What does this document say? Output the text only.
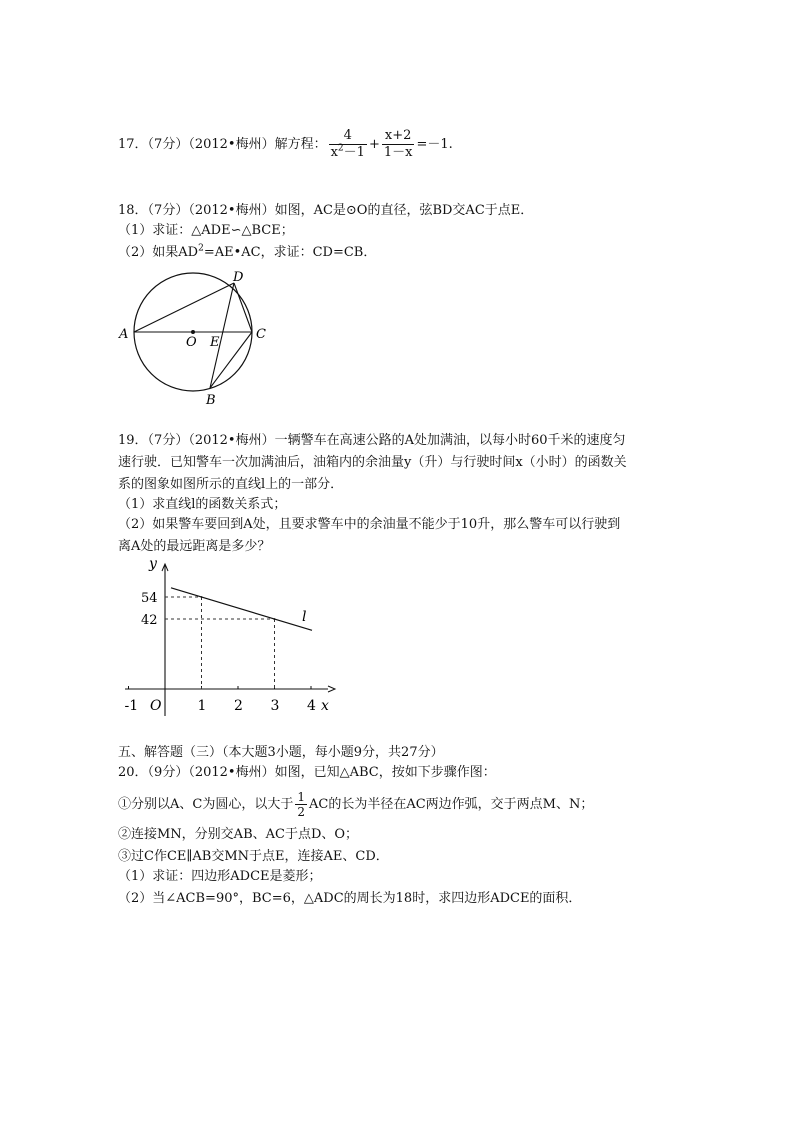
17．（7分）（2012•梅州）解方程： $\frac{4}{x^2-1} + \frac{x+2}{1-x} =-1$.
18．（7分）（2012•梅州）如图，AC是⊙O的直径，弦BD交AC于点E．
（1）求证：△ADE∽△BCE；
（2）如果$AD^2=AE•AC$，求证：CD=CB．
A
O E
C
D
B
19．（7分）（2012•梅州）一辆警车在高速公路的A处加满油，以每小时60千米的速度匀
速行驶．已知警车一次加满油后，油箱内的余油量y（升）与行驶时间x（小时）的函数关
系的图象如图所示的直线l上的一部分．
（1）求直线l的函数关系式；
（2）如果警车要回到A处，且要求警车中的余油量不能少于10升，那么警车可以行驶到
离A处的最远距离是多少？
-1 O	1 2 3 4
54
42
y
x
l
五、解答题（三）（本大题3小题，每小题9分，共27分）
20．（9分）（2012•梅州）如图，已知△ABC，按如下步骤作图：
①分别以A、C为圆心，以大于 $\frac{1}{2}$ AC的长为半径在AC两边作弧，交于两点M、N；
②连接MN，分别交AB、AC于点D、O；
③过C作CE∥AB交MN于点E，连接AE、CD．
（1）求证：四边形ADCE是菱形；
（2）当∠ACB=90°，BC=6，△ADC的周长为18时，求四边形ADCE的面积．
